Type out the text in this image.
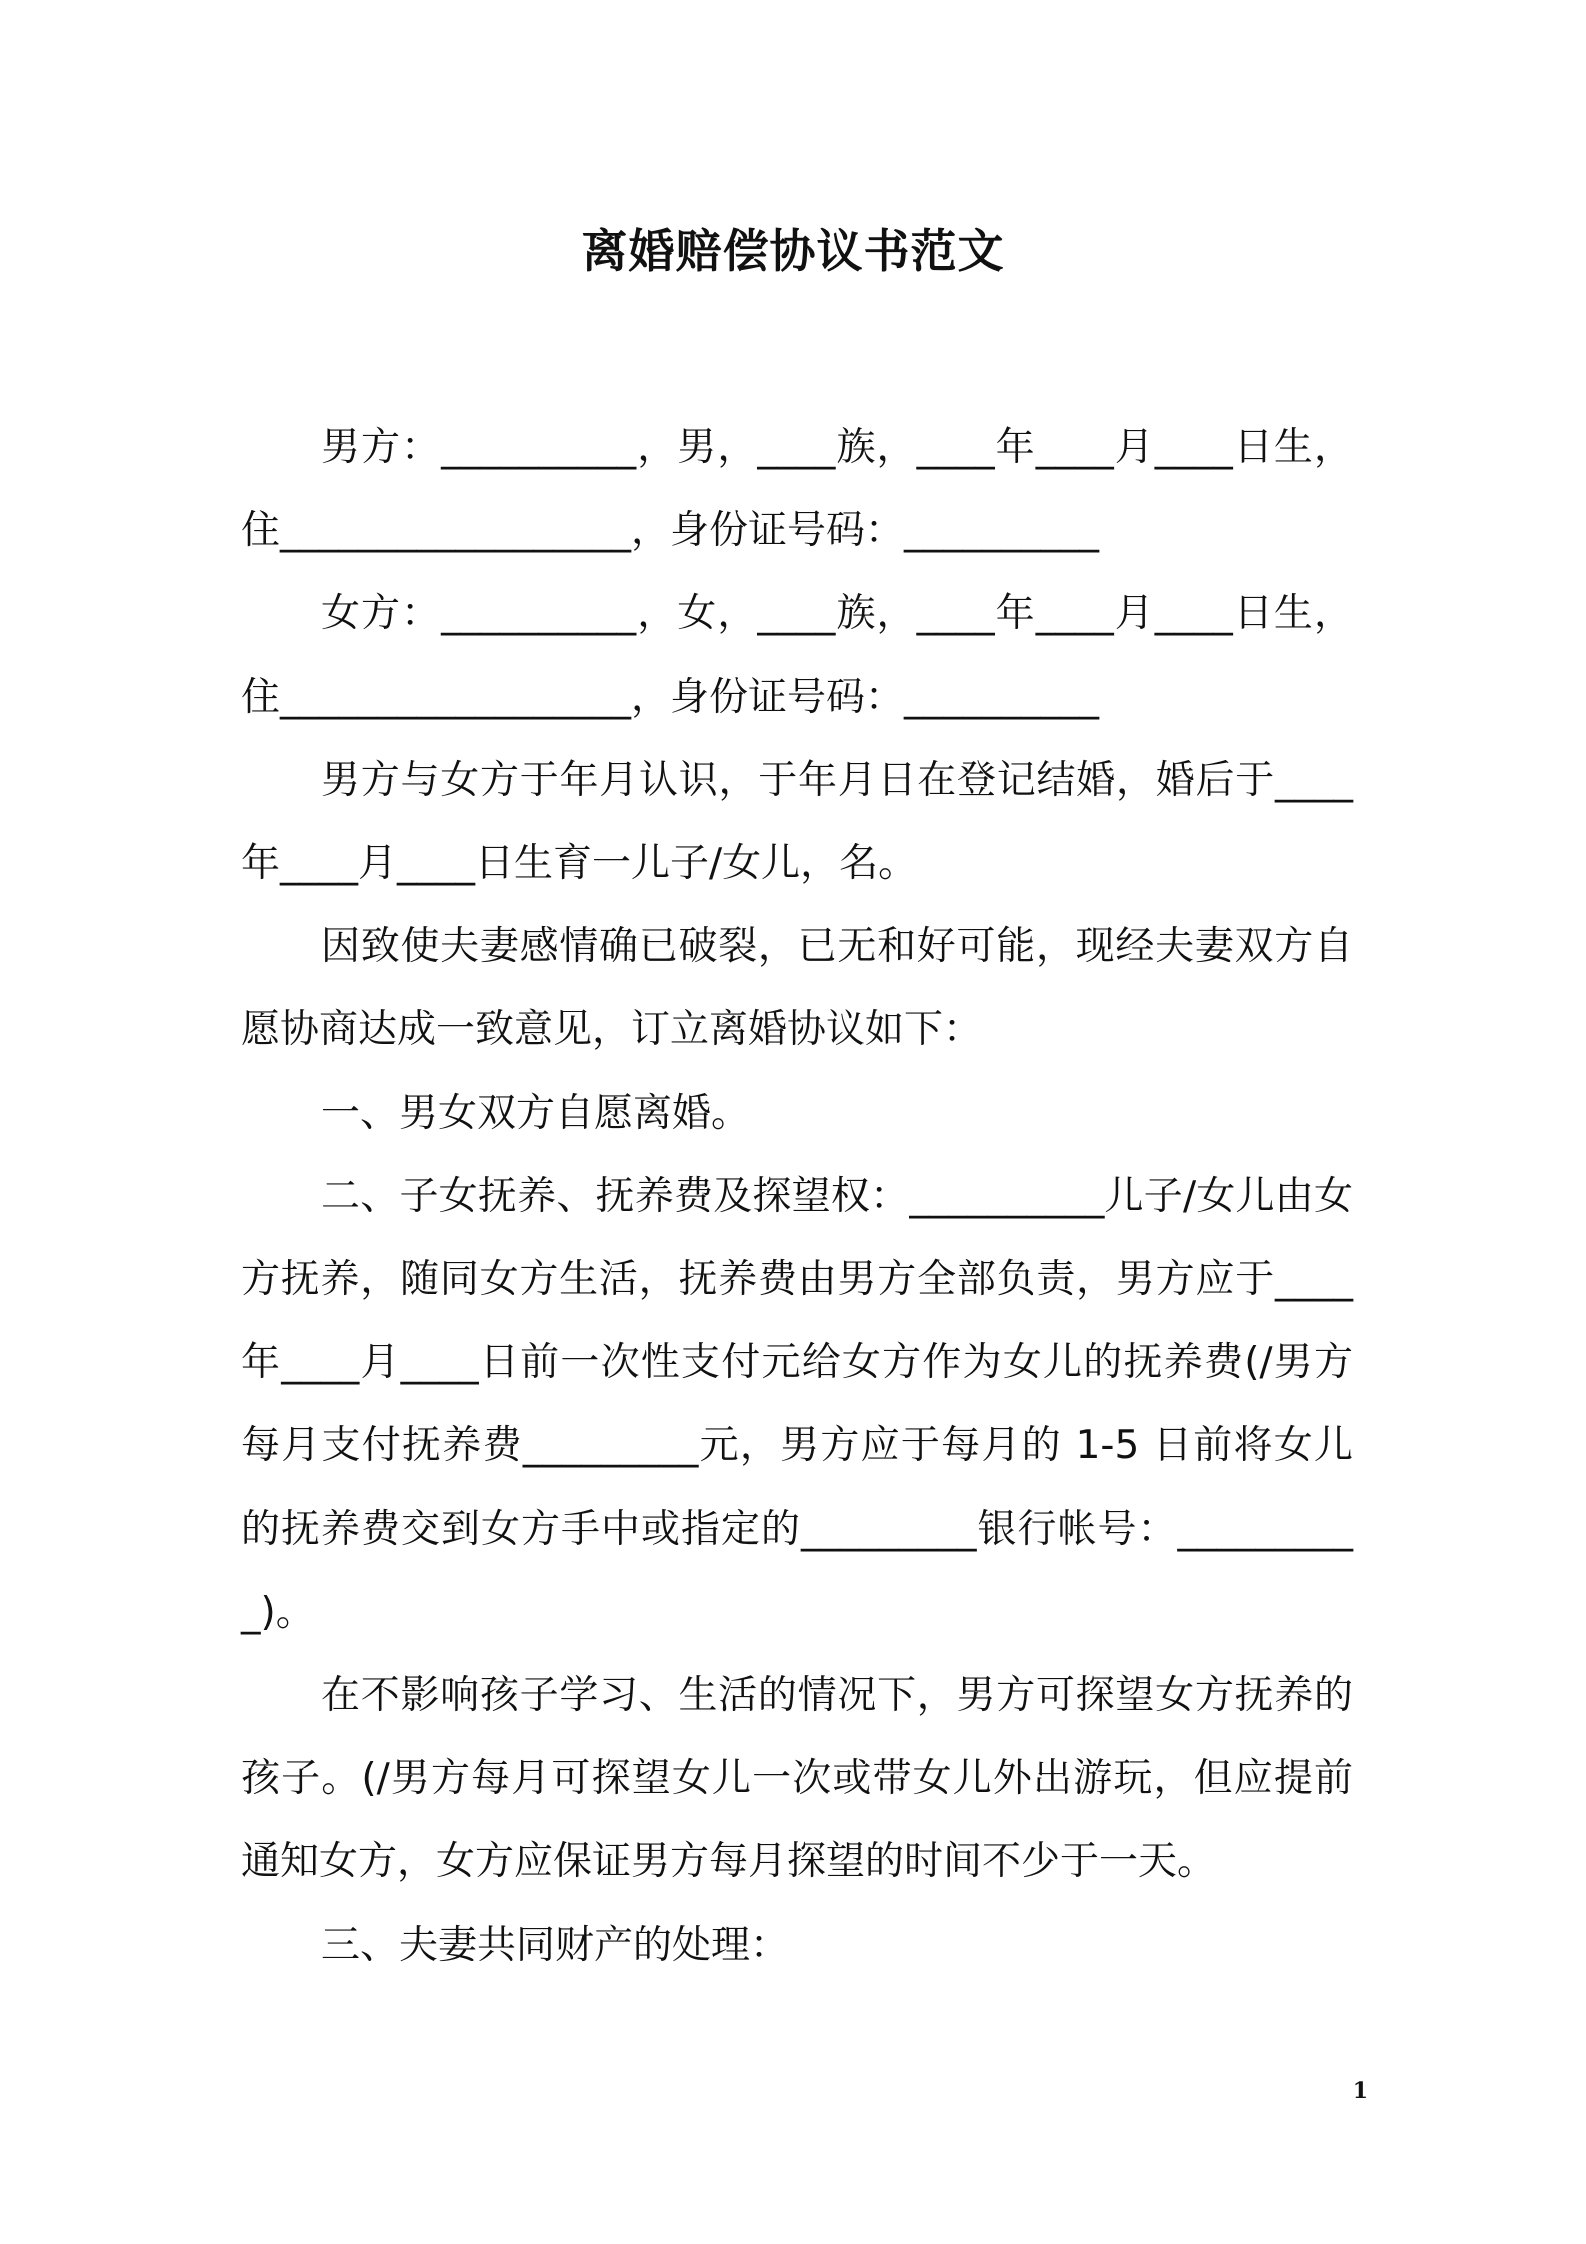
离婚赔偿协议书范文

男方：__________，男，____族，____年____月____日生，住__________________，身份证号码：__________

女方：__________，女，____族，____年____月____日生，住__________________，身份证号码：__________

男方与女方于年月认识，于年月日在登记结婚，婚后于____年____月____日生育一儿子/女儿，名。

因致使夫妻感情确已破裂，已无和好可能，现经夫妻双方自愿协商达成一致意见，订立离婚协议如下：

一、男女双方自愿离婚。

二、子女抚养、抚养费及探望权：__________儿子/女儿由女方抚养，随同女方生活，抚养费由男方全部负责，男方应于____年____月____日前一次性支付元给女方作为女儿的抚养费(/男方每月支付抚养费_________元，男方应于每月的 1-5 日前将女儿的抚养费交到女方手中或指定的_________银行帐号：__________)。

在不影响孩子学习、生活的情况下，男方可探望女方抚养的孩子。(/男方每月可探望女儿一次或带女儿外出游玩，但应提前通知女方，女方应保证男方每月探望的时间不少于一天。

三、夫妻共同财产的处理：

1
